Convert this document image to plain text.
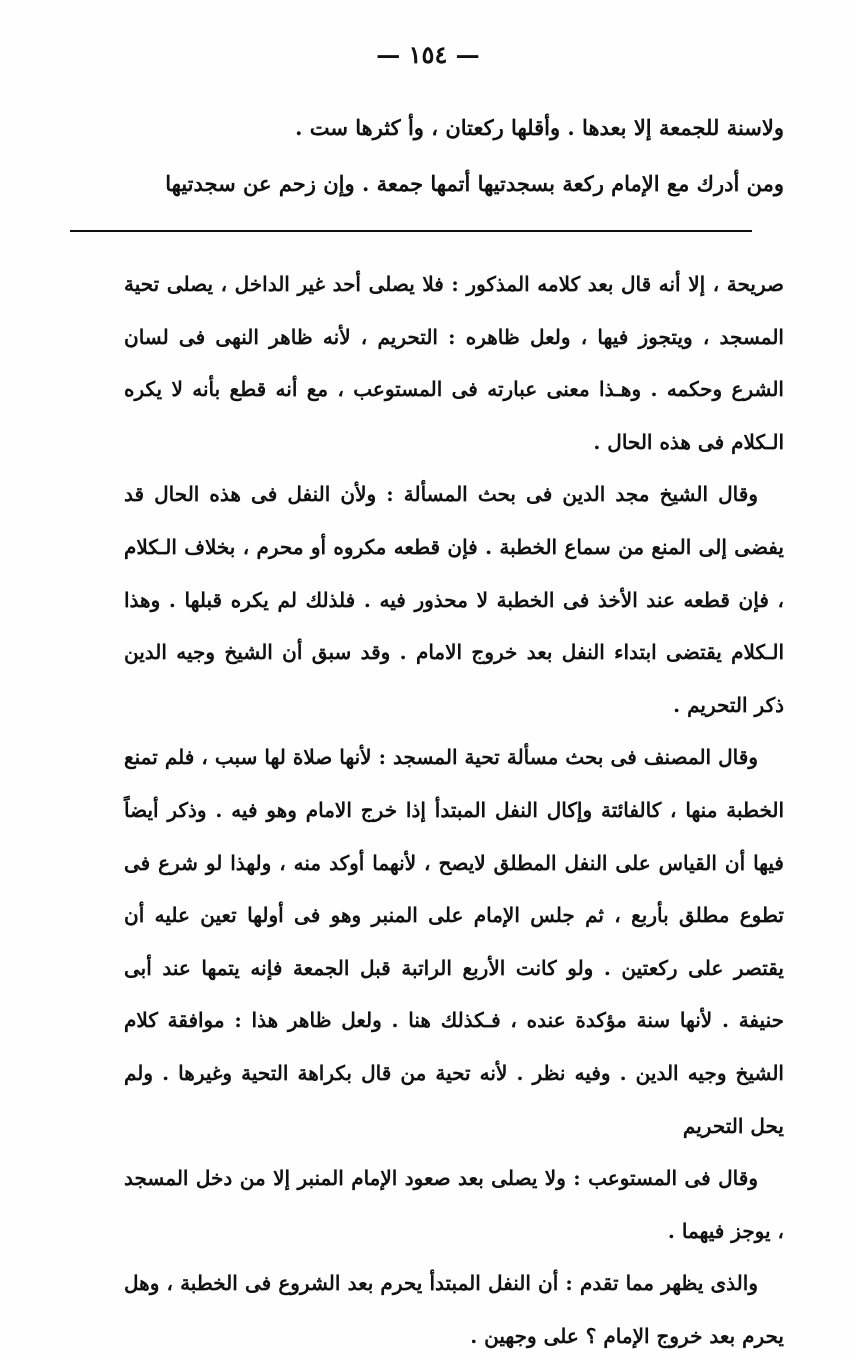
— ١٥٤ —

ولاسنة للجمعة إلا بعدها . وأقلها ركعتان ، وأ كثرها ست .

ومن أدرك مع الإمام ركعة بسجدتيها أتمها جمعة . وإن زحم عن سجدتيها

صريحة ، إلا أنه قال بعد كلامه المذكور : فلا يصلى أحد غير الداخل ، يصلى تحية المسجد ، ويتجوز فيها ، ولعل ظاهره : التحريم ، لأنه ظاهر النهى فى لسان الشرع وحكمه . وهـذا معنى عبارته فى المستوعب ، مع أنه قطع بأنه لا يكره الـكلام فى هذه الحال .

وقال الشيخ مجد الدين فى بحث المسألة : ولأن النفل فى هذه الحال قد يفضى إلى المنع من سماع الخطبة . فإن قطعه مكروه أو محرم ، بخلاف الـكلام ، فإن قطعه عند الأخذ فى الخطبة لا محذور فيه . فلذلك لم يكره قبلها . وهذا الـكلام يقتضى ابتداء النفل بعد خروج الامام . وقد سبق أن الشيخ وجيه الدين ذكر التحريم .

وقال المصنف فى بحث مسألة تحية المسجد : لأنها صلاة لها سبب ، فلم تمنع الخطبة منها ، كالفائتة وإكال النفل المبتدأ إذا خرج الامام وهو فيه . وذكر أيضاً فيها أن القياس على النفل المطلق لايصح ، لأنهما أوكد منه ، ولهذا لو شرع فى تطوع مطلق بأربع ، ثم جلس الإمام على المنبر وهو فى أولها تعين عليه أن يقتصر على ركعتين . ولو كانت الأربع الراتبة قبل الجمعة فإنه يتمها عند أبى حنيفة . لأنها سنة مؤكدة عنده ، فـكذلك هنا . ولعل ظاهر هذا : موافقة كلام الشيخ وجيه الدين . وفيه نظر . لأنه تحية من قال بكراهة التحية وغيرها . ولم يحل التحريم

وقال فى المستوعب : ولا يصلى بعد صعود الإمام المنبر إلا من دخل المسجد ، يوجز فيهما .

والذى يظهر مما تقدم : أن النفل المبتدأ يحرم بعد الشروع فى الخطبة ، وهل يحرم بعد خروج الإمام ؟ على وجهين .
